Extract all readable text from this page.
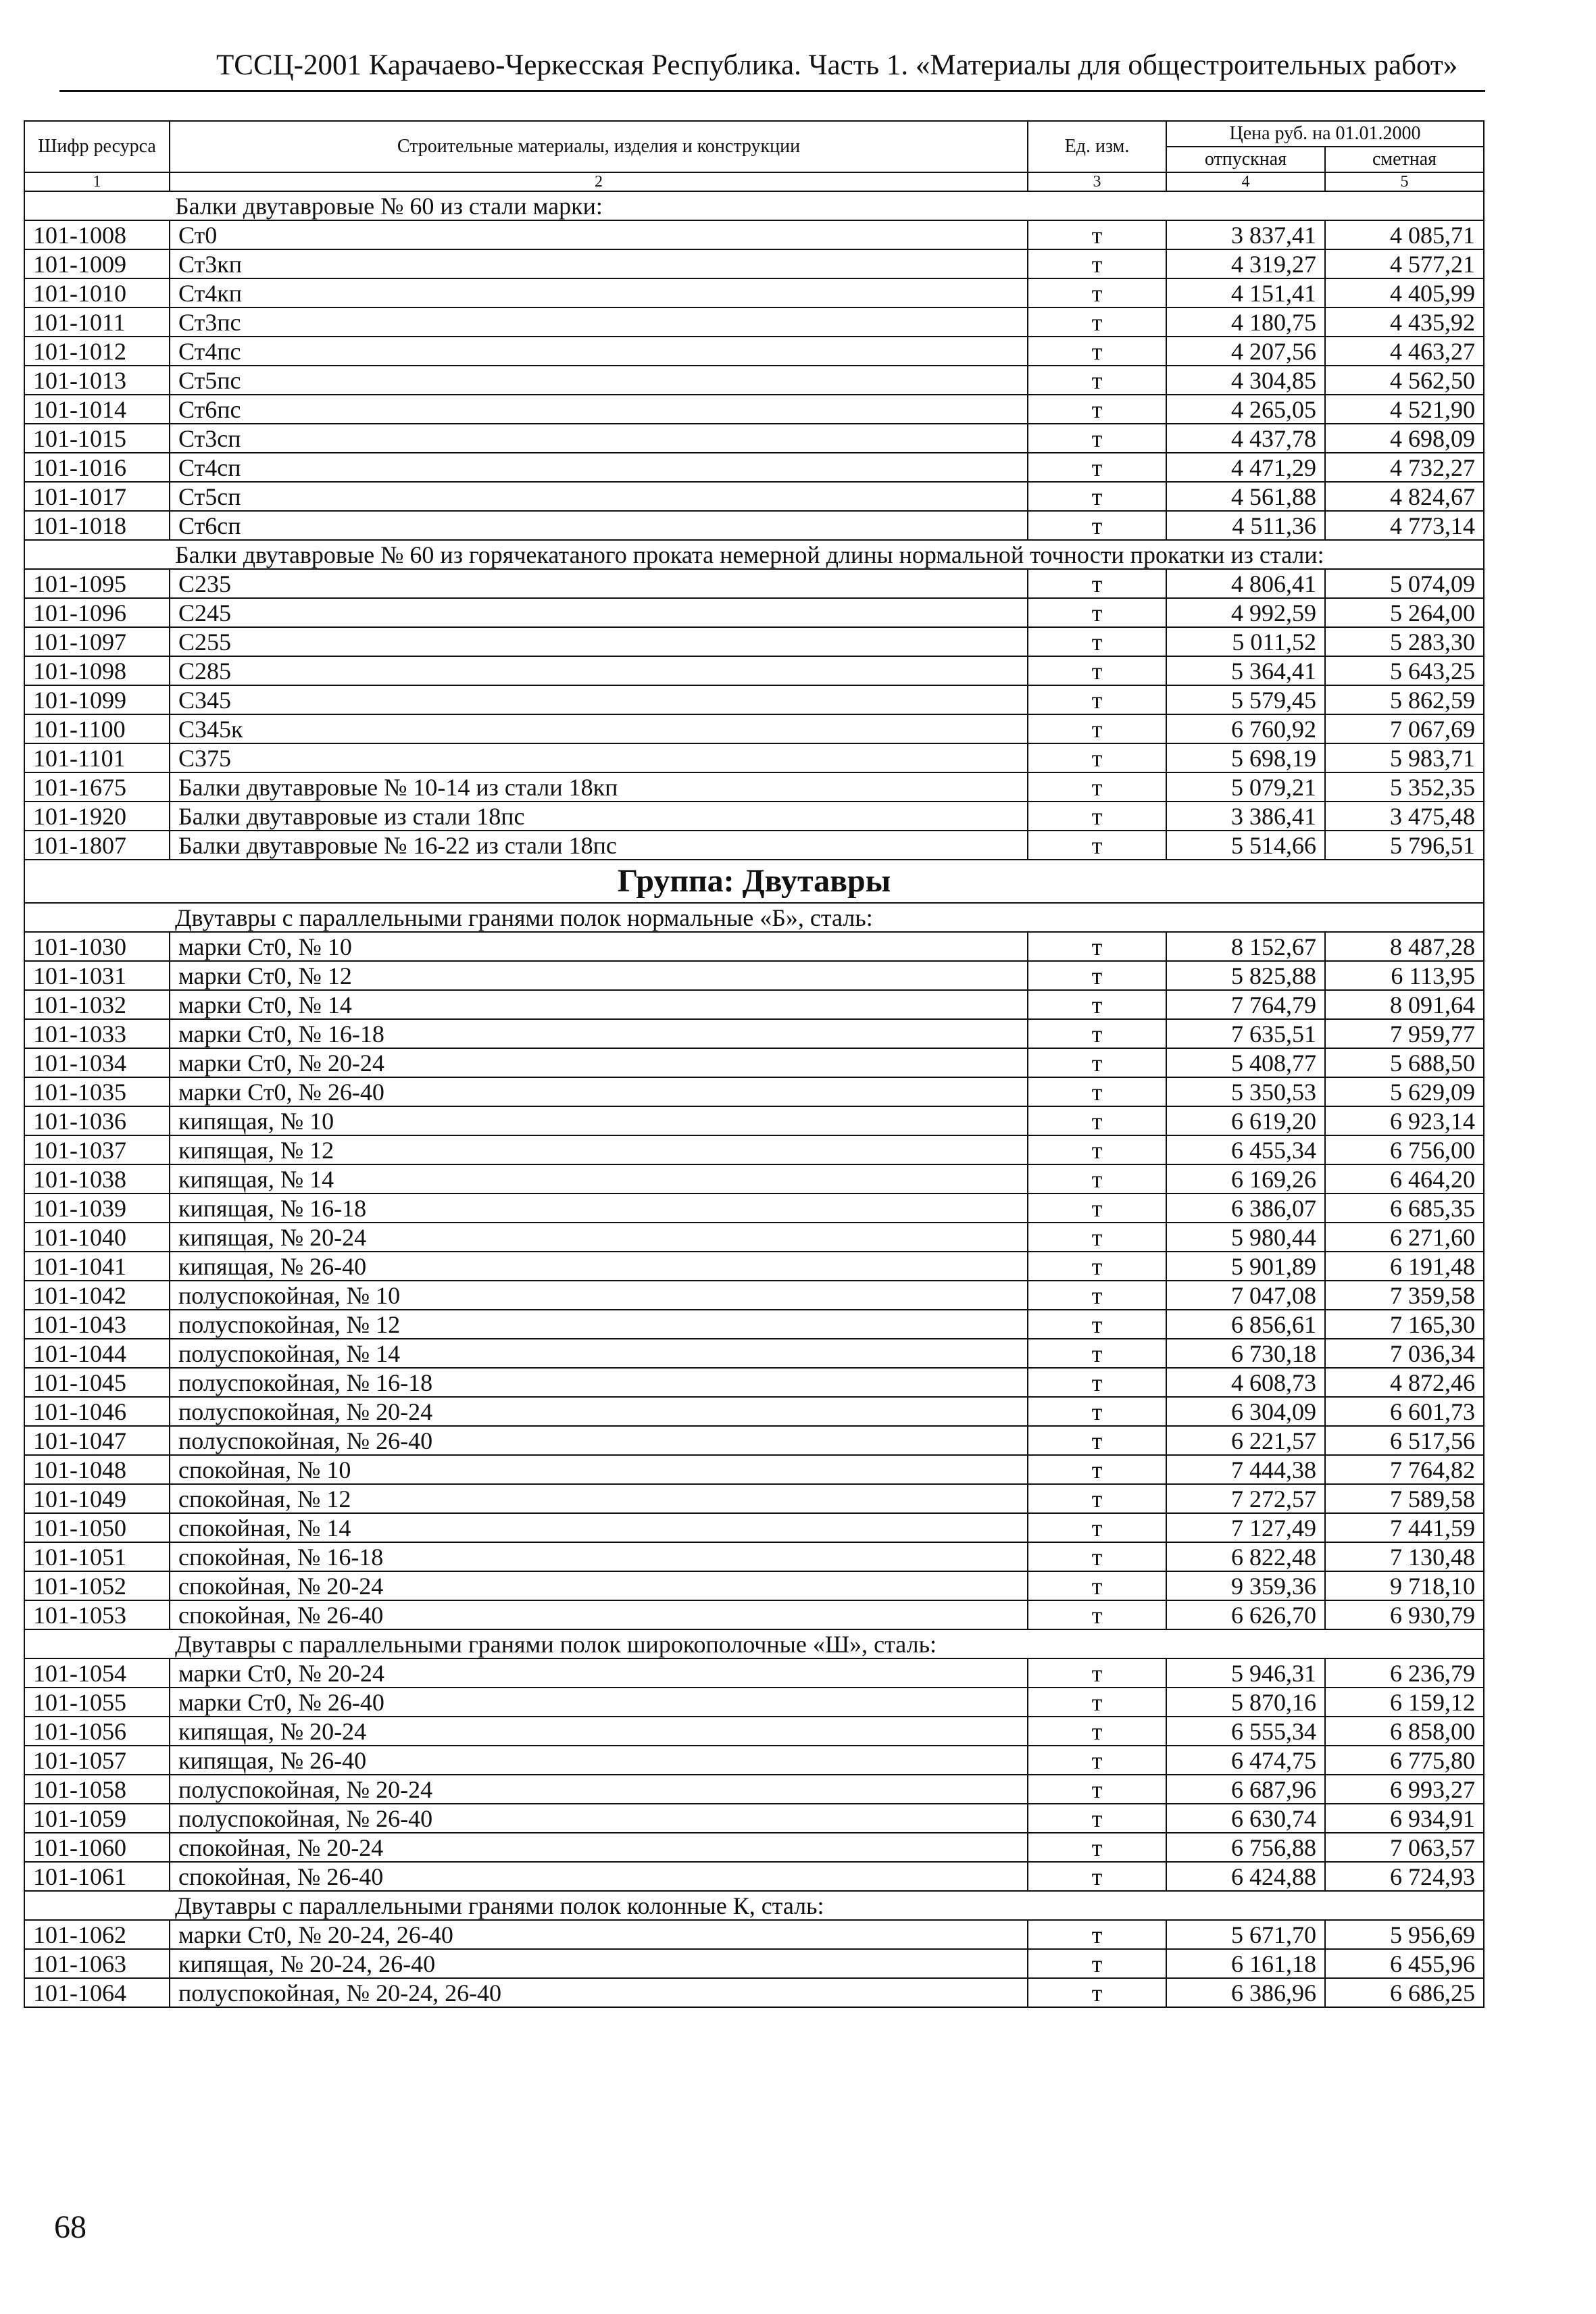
ТССЦ-2001 Карачаево-Черкесская Республика. Часть 1. «Материалы для общестроительных работ»
Шифр ресурса	Строительные материалы, изделия и конструкции	Ед. изм.	Цена руб. на 01.01.2000	
			отпускная	сметная
1	2	3	4	5
Балки двутавровые № 60 из стали марки:				
101-1008	Ст0	т	3 837,41	4 085,71
101-1009	Ст3кп	т	4 319,27	4 577,21
101-1010	Ст4кп	т	4 151,41	4 405,99
101-1011	Ст3пс	т	4 180,75	4 435,92
101-1012	Ст4пс	т	4 207,56	4 463,27
101-1013	Ст5пс	т	4 304,85	4 562,50
101-1014	Ст6пс	т	4 265,05	4 521,90
101-1015	Ст3сп	т	4 437,78	4 698,09
101-1016	Ст4сп	т	4 471,29	4 732,27
101-1017	Ст5сп	т	4 561,88	4 824,67
101-1018	Ст6сп	т	4 511,36	4 773,14
Балки двутавровые № 60 из горячекатаного проката немерной длины нормальной точности прокатки из стали:				
101-1095	С235	т	4 806,41	5 074,09
101-1096	С245	т	4 992,59	5 264,00
101-1097	С255	т	5 011,52	5 283,30
101-1098	С285	т	5 364,41	5 643,25
101-1099	С345	т	5 579,45	5 862,59
101-1100	С345к	т	6 760,92	7 067,69
101-1101	С375	т	5 698,19	5 983,71
101-1675	Балки двутавровые № 10-14 из стали 18кп	т	5 079,21	5 352,35
101-1920	Балки двутавровые из стали 18пс	т	3 386,41	3 475,48
101-1807	Балки двутавровые № 16-22 из стали 18пс	т	5 514,66	5 796,51
Группа: Двутавры				
Двутавры с параллельными гранями полок нормальные «Б», сталь:				
101-1030	марки Ст0, № 10	т	8 152,67	8 487,28
101-1031	марки Ст0, № 12	т	5 825,88	6 113,95
101-1032	марки Ст0, № 14	т	7 764,79	8 091,64
101-1033	марки Ст0, № 16-18	т	7 635,51	7 959,77
101-1034	марки Ст0, № 20-24	т	5 408,77	5 688,50
101-1035	марки Ст0, № 26-40	т	5 350,53	5 629,09
101-1036	кипящая, № 10	т	6 619,20	6 923,14
101-1037	кипящая, № 12	т	6 455,34	6 756,00
101-1038	кипящая, № 14	т	6 169,26	6 464,20
101-1039	кипящая, № 16-18	т	6 386,07	6 685,35
101-1040	кипящая, № 20-24	т	5 980,44	6 271,60
101-1041	кипящая, № 26-40	т	5 901,89	6 191,48
101-1042	полуспокойная, № 10	т	7 047,08	7 359,58
101-1043	полуспокойная, № 12	т	6 856,61	7 165,30
101-1044	полуспокойная, № 14	т	6 730,18	7 036,34
101-1045	полуспокойная, № 16-18	т	4 608,73	4 872,46
101-1046	полуспокойная, № 20-24	т	6 304,09	6 601,73
101-1047	полуспокойная, № 26-40	т	6 221,57	6 517,56
101-1048	спокойная, № 10	т	7 444,38	7 764,82
101-1049	спокойная, № 12	т	7 272,57	7 589,58
101-1050	спокойная, № 14	т	7 127,49	7 441,59
101-1051	спокойная, № 16-18	т	6 822,48	7 130,48
101-1052	спокойная, № 20-24	т	9 359,36	9 718,10
101-1053	спокойная, № 26-40	т	6 626,70	6 930,79
Двутавры с параллельными гранями полок широкополочные «Ш», сталь:				
101-1054	марки Ст0, № 20-24	т	5 946,31	6 236,79
101-1055	марки Ст0, № 26-40	т	5 870,16	6 159,12
101-1056	кипящая, № 20-24	т	6 555,34	6 858,00
101-1057	кипящая, № 26-40	т	6 474,75	6 775,80
101-1058	полуспокойная, № 20-24	т	6 687,96	6 993,27
101-1059	полуспокойная, № 26-40	т	6 630,74	6 934,91
101-1060	спокойная, № 20-24	т	6 756,88	7 063,57
101-1061	спокойная, № 26-40	т	6 424,88	6 724,93
Двутавры с параллельными гранями полок колонные К, сталь:				
101-1062	марки Ст0, № 20-24, 26-40	т	5 671,70	5 956,69
101-1063	кипящая, № 20-24, 26-40	т	6 161,18	6 455,96
101-1064	полуспокойная, № 20-24, 26-40	т	6 386,96	6 686,25
68
